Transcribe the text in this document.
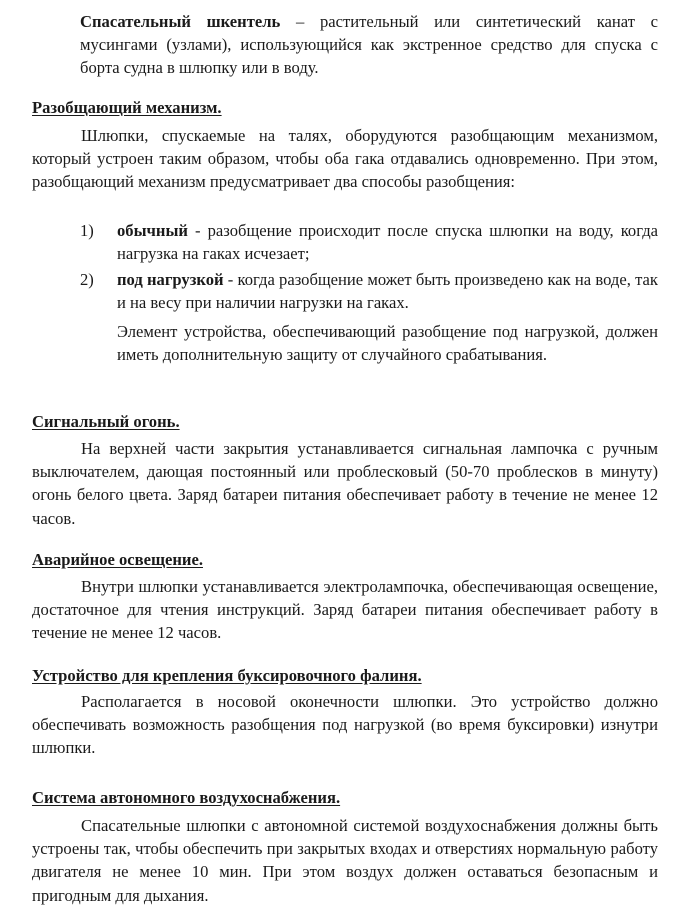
Спасательный шкентель – растительный или синтетический канат с мусингами (узлами), использующийся как экстренное средство для спуска с борта судна в шлюпку или в воду.
Разобщающий механизм.
Шлюпки, спускаемые на талях, оборудуются разобщающим механизмом, который устроен таким образом, чтобы оба гака отдавались одновременно. При этом, разобщающий механизм предусматривает два способы разобщения:
1)	обычный - разобщение происходит после спуска шлюпки на воду, когда нагрузка на гаках исчезает;
2)	под нагрузкой - когда разобщение может быть произведено как на воде, так и на весу при наличии нагрузки на гаках.
Элемент устройства, обеспечивающий разобщение под нагрузкой, должен иметь дополнительную защиту от случайного срабатывания.
Сигнальный огонь.
На верхней части закрытия устанавливается сигнальная лампочка с ручным выключателем, дающая постоянный или проблесковый (50-70 проблесков в минуту) огонь белого цвета. Заряд батареи питания обеспечивает работу в течение не менее 12 часов.
Аварийное освещение.
Внутри шлюпки устанавливается электролампочка, обеспечивающая освещение, достаточное для чтения инструкций. Заряд батареи питания обеспечивает работу в течение не менее 12 часов.
Устройство для крепления буксировочного фалиня.
Располагается в носовой оконечности шлюпки. Это устройство должно обеспечивать возможность разобщения под нагрузкой (во время буксировки) изнутри шлюпки.
Система автономного воздухоснабжения.
Спасательные шлюпки с автономной системой воздухоснабжения должны быть устроены так, чтобы обеспечить при закрытых входах и отверстиях нормальную работу двигателя не менее 10 мин. При этом воздух должен оставаться безопасным и пригодным для дыхания.
